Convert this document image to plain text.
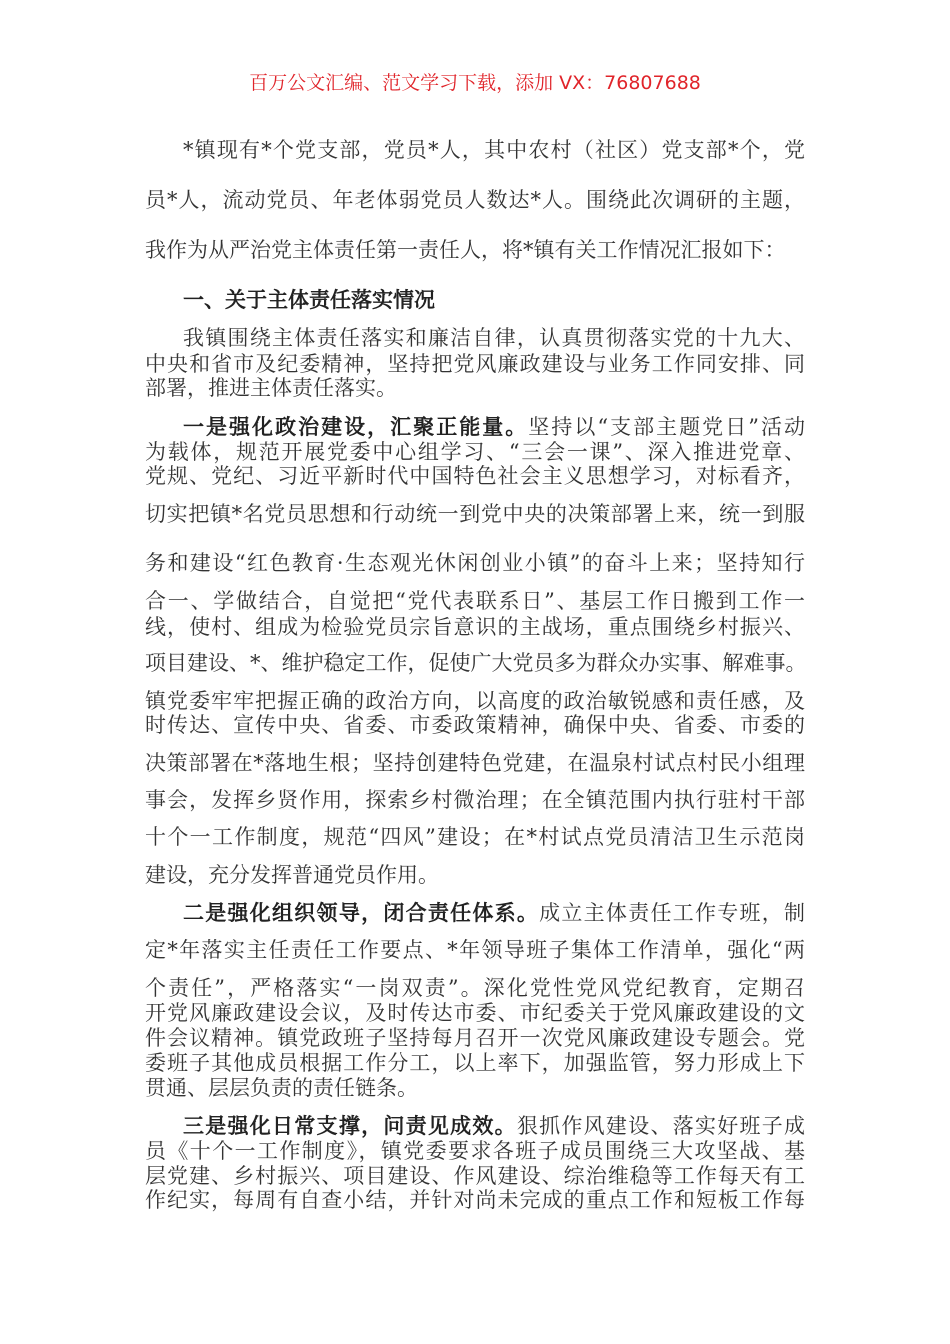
百万公文汇编、范文学习下载，添加 VX：76807688
*镇现有*个党支部，党员*人，其中农村（社区）党支部*个，党
员*人，流动党员、年老体弱党员人数达*人。围绕此次调研的主题，
我作为从严治党主体责任第一责任人，将*镇有关工作情况汇报如下：
一、关于主体责任落实情况
我镇围绕主体责任落实和廉洁自律，认真贯彻落实党的十九大、
中央和省市及纪委精神，坚持把党风廉政建设与业务工作同安排、同
部署，推进主体责任落实。
一是强化政治建设，汇聚正能量。坚持以“支部主题党日”活动
为载体，规范开展党委中心组学习、“三会一课”、深入推进党章、
党规、党纪、习近平新时代中国特色社会主义思想学习，对标看齐，
切实把镇*名党员思想和行动统一到党中央的决策部署上来，统一到服
务和建设“红色教育·生态观光休闲创业小镇”的奋斗上来；坚持知行
合一、学做结合，自觉把“党代表联系日”、基层工作日搬到工作一
线，使村、组成为检验党员宗旨意识的主战场，重点围绕乡村振兴、
项目建设、*、维护稳定工作，促使广大党员多为群众办实事、解难事。
镇党委牢牢把握正确的政治方向，以高度的政治敏锐感和责任感，及
时传达、宣传中央、省委、市委政策精神，确保中央、省委、市委的
决策部署在*落地生根；坚持创建特色党建，在温泉村试点村民小组理
事会，发挥乡贤作用，探索乡村微治理；在全镇范围内执行驻村干部
十个一工作制度，规范“四风”建设；在*村试点党员清洁卫生示范岗
建设，充分发挥普通党员作用。
二是强化组织领导，闭合责任体系。成立主体责任工作专班，制
定*年落实主任责任工作要点、*年领导班子集体工作清单，强化“两
个责任”，严格落实“一岗双责”。深化党性党风党纪教育，定期召
开党风廉政建设会议，及时传达市委、市纪委关于党风廉政建设的文
件会议精神。镇党政班子坚持每月召开一次党风廉政建设专题会。党
委班子其他成员根据工作分工，以上率下，加强监管，努力形成上下
贯通、层层负责的责任链条。
三是强化日常支撑，问责见成效。狠抓作风建设、落实好班子成
员《十个一工作制度》，镇党委要求各班子成员围绕三大攻坚战、基
层党建、乡村振兴、项目建设、作风建设、综治维稳等工作每天有工
作纪实，每周有自查小结，并针对尚未完成的重点工作和短板工作每
